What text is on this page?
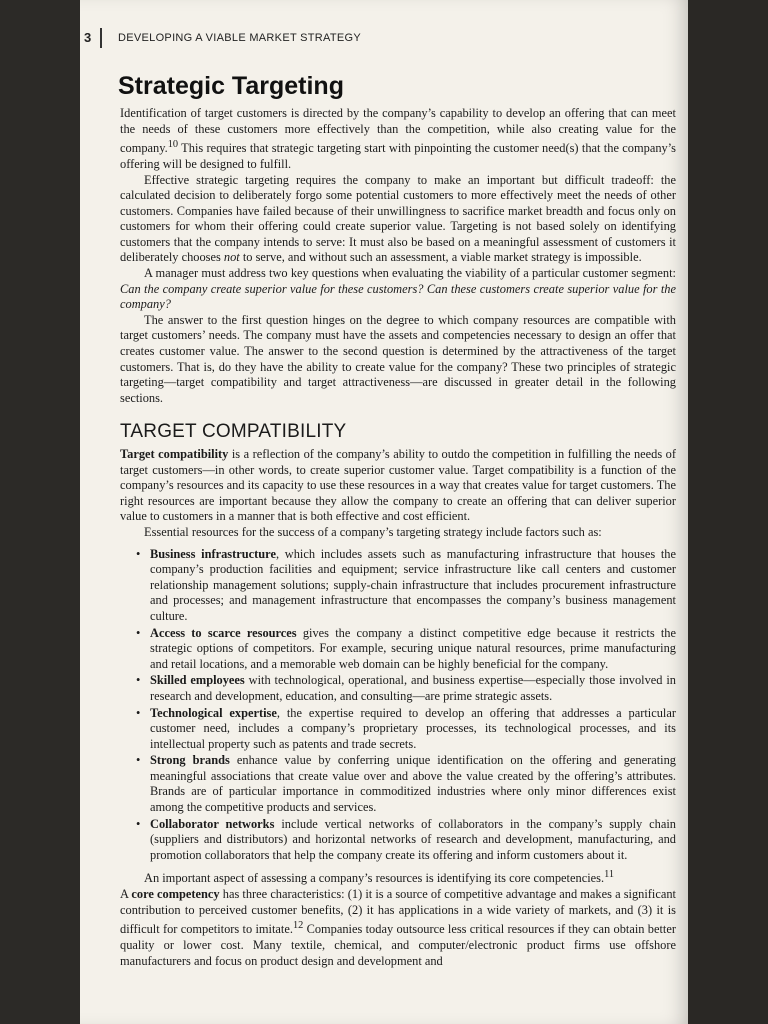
3 DEVELOPING A VIABLE MARKET STRATEGY
Strategic Targeting

Identification of target customers is directed by the company’s capability to develop an offering that can meet the needs of these customers more effectively than the competition, while also creating value for the company.$^{10}$ This requires that strategic targeting start with pinpointing the customer need(s) that the company’s offering will be designed to fulfill.

Effective strategic targeting requires the company to make an important but difficult tradeoff: the calculated decision to deliberately forgo some potential customers to more effectively meet the needs of other customers. Companies have failed because of their unwillingness to sacrifice market breadth and focus only on customers for whom their offering could create superior value. Targeting is not based solely on identifying customers that the company intends to serve: It must also be based on a meaningful assessment of customers it deliberately chooses not to serve, and without such an assessment, a viable market strategy is impossible.

A manager must address two key questions when evaluating the viability of a particular customer segment: Can the company create superior value for these customers? Can these customers create superior value for the company?

The answer to the first question hinges on the degree to which company resources are compatible with target customers’ needs. The company must have the assets and competencies necessary to design an offer that creates customer value. The answer to the second question is determined by the attractiveness of the target customers. That is, do they have the ability to create value for the company? These two principles of strategic targeting—target compatibility and target attractiveness—are discussed in greater detail in the following sections.

TARGET COMPATIBILITY

Target compatibility is a reflection of the company’s ability to outdo the competition in fulfilling the needs of target customers—in other words, to create superior customer value. Target compatibility is a function of the company’s resources and its capacity to use these resources in a way that creates value for target customers. The right resources are important because they allow the company to create an offering that can deliver superior value to customers in a manner that is both effective and cost efficient.

Essential resources for the success of a company’s targeting strategy include factors such as:

• Business infrastructure, which includes assets such as manufacturing infrastructure that houses the company’s production facilities and equipment; service infrastructure like call centers and customer relationship management solutions; supply-chain infrastructure that includes procurement infrastructure and processes; and management infrastructure that encompasses the company’s business management culture.
• Access to scarce resources gives the company a distinct competitive edge because it restricts the strategic options of competitors. For example, securing unique natural resources, prime manufacturing and retail locations, and a memorable web domain can be highly beneficial for the company.
• Skilled employees with technological, operational, and business expertise—especially those involved in research and development, education, and consulting—are prime strategic assets.
• Technological expertise, the expertise required to develop an offering that addresses a particular customer need, includes a company’s proprietary processes, its technological processes, and its intellectual property such as patents and trade secrets.
• Strong brands enhance value by conferring unique identification on the offering and generating meaningful associations that create value over and above the value created by the offering’s attributes. Brands are of particular importance in commoditized industries where only minor differences exist among the competitive products and services.
• Collaborator networks include vertical networks of collaborators in the company’s supply chain (suppliers and distributors) and horizontal networks of research and development, manufacturing, and promotion collaborators that help the company create its offering and inform customers about it.

An important aspect of assessing a company’s resources is identifying its core competencies.$^{11}$

A core competency has three characteristics: (1) it is a source of competitive advantage and makes a significant contribution to perceived customer benefits, (2) it has applications in a wide variety of markets, and (3) it is difficult for competitors to imitate.$^{12}$ Companies today outsource less critical resources if they can obtain better quality or lower cost. Many textile, chemical, and computer/electronic product firms use offshore manufacturers and focus on product design and development and
